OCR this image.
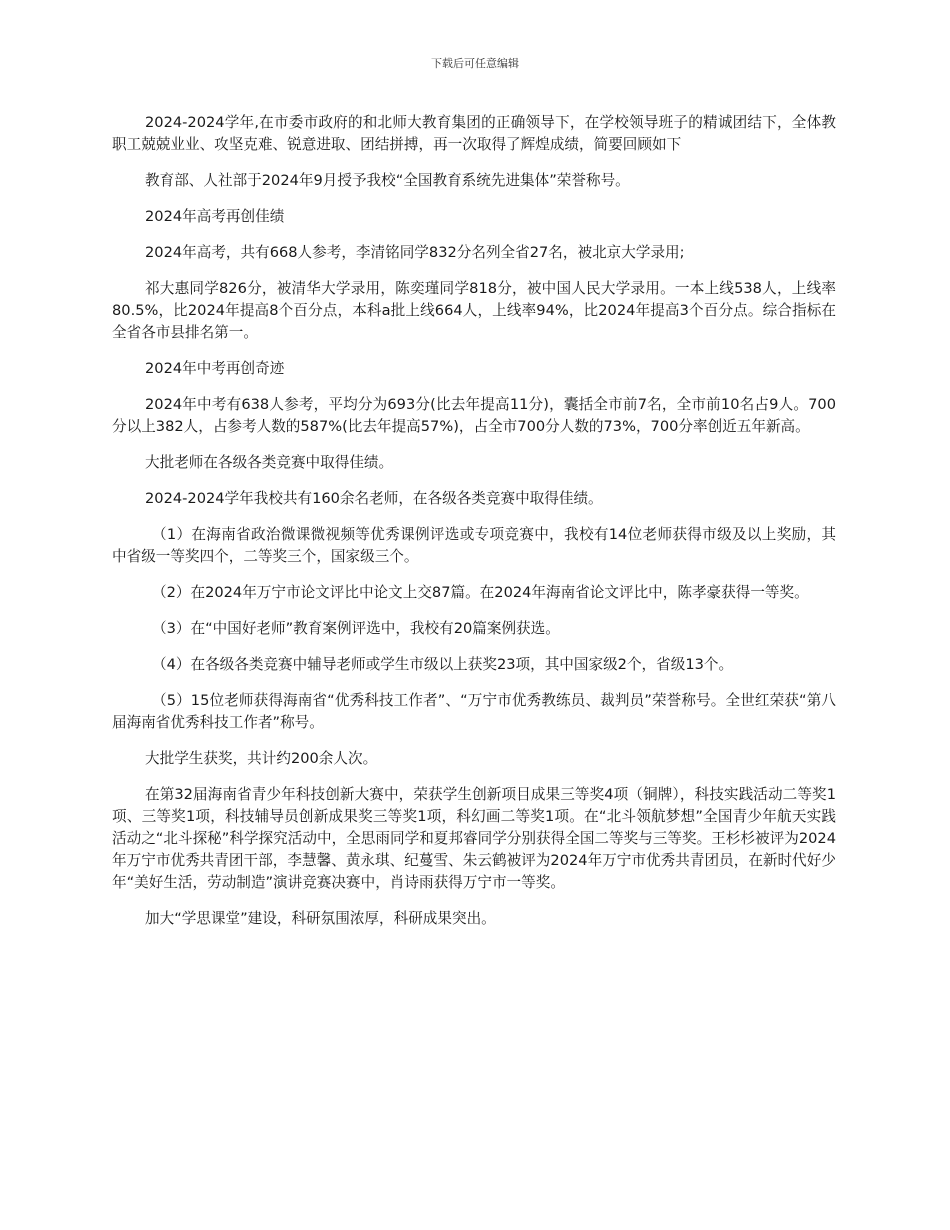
下载后可任意编辑

2024-2024学年,在市委市政府的和北师大教育集团的正确领导下，在学校领导班子的精诚团结下，全体教职工兢兢业业、攻坚克难、锐意进取、团结拼搏，再一次取得了辉煌成绩，简要回顾如下

教育部、人社部于2024年9月授予我校“全国教育系统先进集体”荣誉称号。

2024年高考再创佳绩

2024年高考，共有668人参考，李清铭同学832分名列全省27名，被北京大学录用;

祁大惠同学826分，被清华大学录用，陈奕瑾同学818分，被中国人民大学录用。一本上线538人，上线率80.5%，比2024年提高8个百分点，本科a批上线664人，上线率94%，比2024年提高3个百分点。综合指标在全省各市县排名第一。

2024年中考再创奇迹

2024年中考有638人参考，平均分为693分(比去年提高11分)，囊括全市前7名，全市前10名占9人。700分以上382人，占参考人数的587%(比去年提高57%)，占全市700分人数的73%，700分率创近五年新高。

大批老师在各级各类竞赛中取得佳绩。

2024-2024学年我校共有160余名老师，在各级各类竞赛中取得佳绩。

（1）在海南省政治微课微视频等优秀课例评选或专项竞赛中，我校有14位老师获得市级及以上奖励，其中省级一等奖四个，二等奖三个，国家级三个。

（2）在2024年万宁市论文评比中论文上交87篇。在2024年海南省论文评比中，陈孝豪获得一等奖。

（3）在“中国好老师”教育案例评选中，我校有20篇案例获选。

（4）在各级各类竞赛中辅导老师或学生市级以上获奖23项，其中国家级2个，省级13个。

（5）15位老师获得海南省“优秀科技工作者”、“万宁市优秀教练员、裁判员”荣誉称号。全世红荣获“第八届海南省优秀科技工作者”称号。

大批学生获奖，共计约200余人次。

在第32届海南省青少年科技创新大赛中，荣获学生创新项目成果三等奖4项（铜牌），科技实践活动二等奖1项、三等奖1项，科技辅导员创新成果奖三等奖1项，科幻画二等奖1项。在“北斗领航梦想”全国青少年航天实践活动之“北斗探秘”科学探究活动中，全思雨同学和夏邦睿同学分别获得全国二等奖与三等奖。王杉杉被评为2024年万宁市优秀共青团干部，李慧馨、黄永琪、纪蔓雪、朱云鹤被评为2024年万宁市优秀共青团员，在新时代好少年“美好生活，劳动制造”演讲竞赛决赛中，肖诗雨获得万宁市一等奖。

加大“学思课堂”建设，科研氛围浓厚，科研成果突出。
